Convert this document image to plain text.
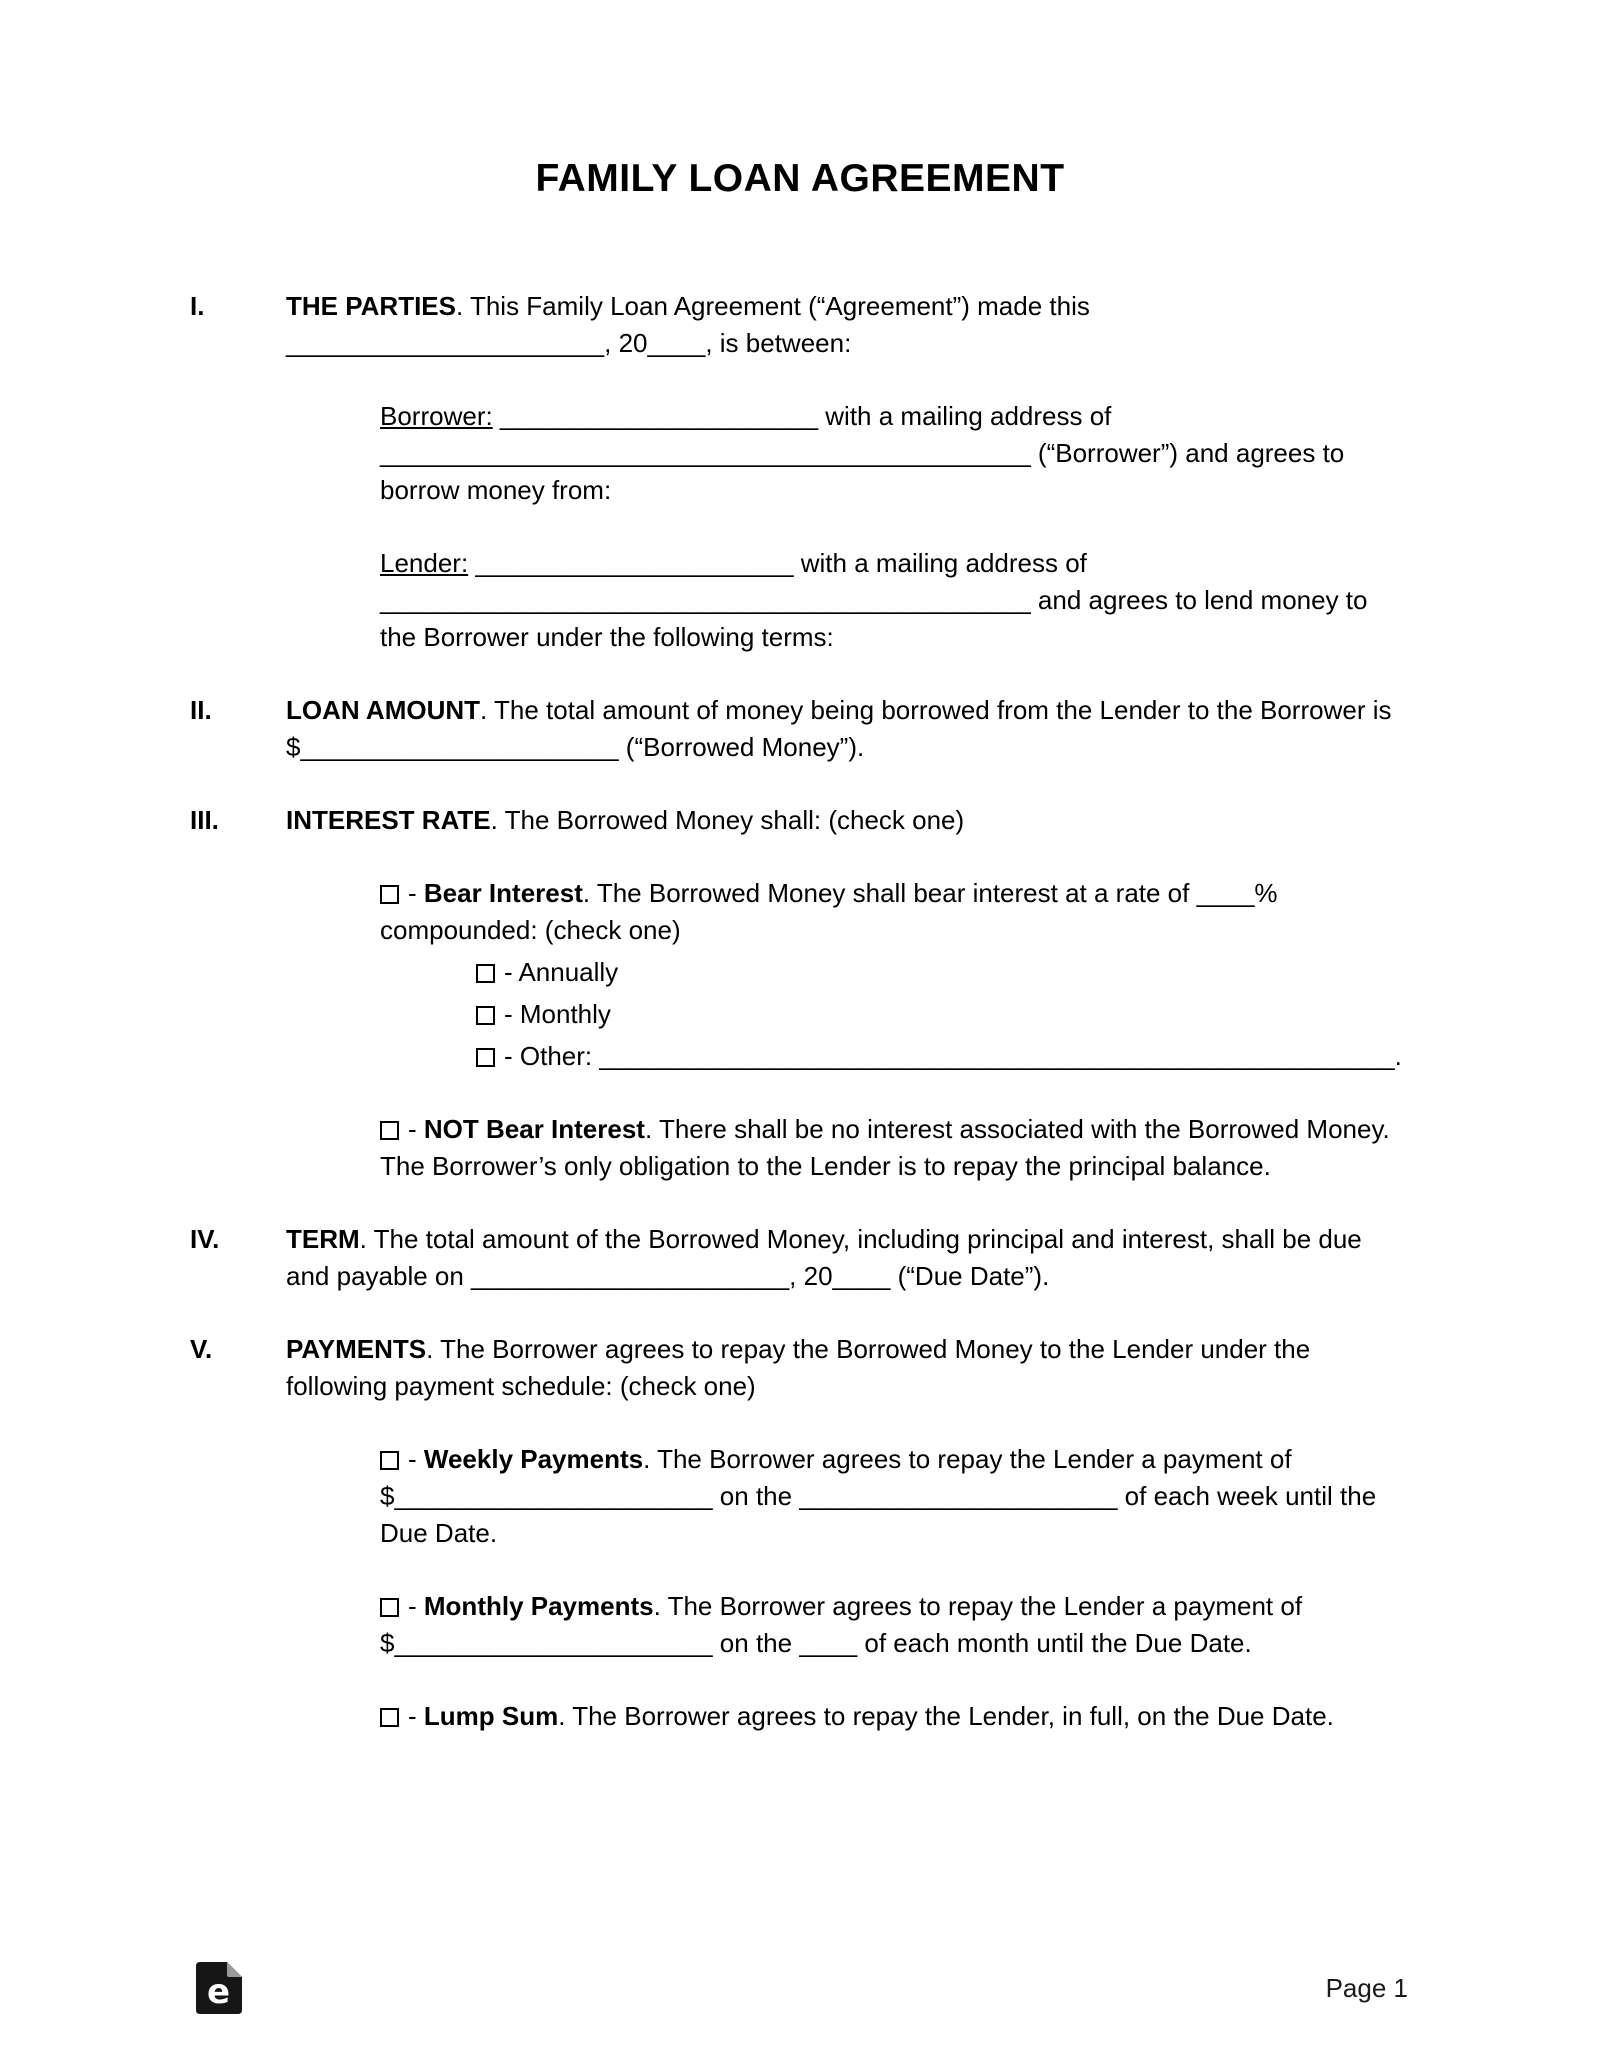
FAMILY LOAN AGREEMENT
I.	THE PARTIES. This Family Loan Agreement (“Agreement”) made this ______________________, 20____, is between:

Borrower: ______________________ with a mailing address of _____________________________________________ (“Borrower”) and agrees to borrow money from:

Lender: ______________________ with a mailing address of _____________________________________________ and agrees to lend money to the Borrower under the following terms:

II.	LOAN AMOUNT. The total amount of money being borrowed from the Lender to the Borrower is $______________________ (“Borrowed Money”).

III.	INTEREST RATE. The Borrowed Money shall: (check one)

- Bear Interest. The Borrowed Money shall bear interest at a rate of ____% compounded: (check one)

- Annually

- Monthly

- Other: _______________________________________________________.

- NOT Bear Interest. There shall be no interest associated with the Borrowed Money. The Borrower’s only obligation to the Lender is to repay the principal balance.

IV.	TERM. The total amount of the Borrowed Money, including principal and interest, shall be due and payable on ______________________, 20____ (“Due Date”).

V.	PAYMENTS. The Borrower agrees to repay the Borrowed Money to the Lender under the following payment schedule: (check one)

- Weekly Payments. The Borrower agrees to repay the Lender a payment of $______________________ on the ______________________ of each week until the Due Date.

- Monthly Payments. The Borrower agrees to repay the Lender a payment of $______________________ on the ____ of each month until the Due Date.

- Lump Sum. The Borrower agrees to repay the Lender, in full, on the Due Date.

e	Page 1
